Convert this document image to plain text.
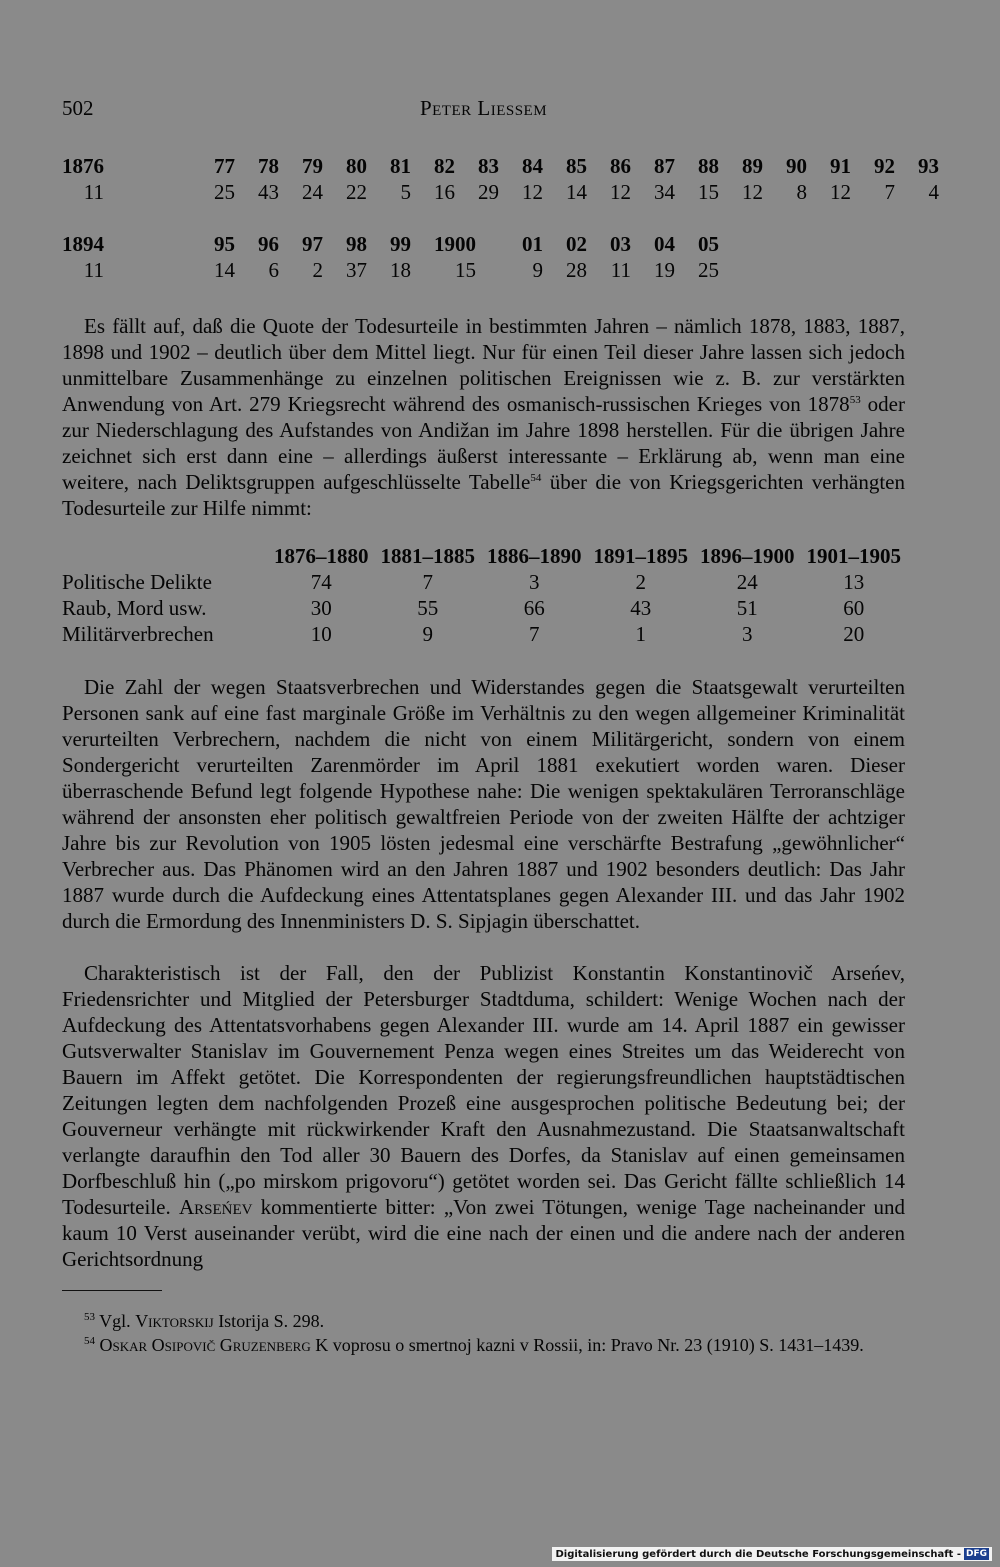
502	Peter Liessem
1876	77	78	79	80	81	82	83	84	85	86	87	88	89	90	91	92	93
11	25	43	24	22	5	16	29	12	14	12	34	15	12	8	12	7	4
1894	95	96	97	98	99	1900	01	02	03	04	05
11	14	6	2	37	18	15	9	28	11	19	25
Es fällt auf, daß die Quote der Todesurteile in bestimmten Jahren – nämlich 1878, 1883, 1887, 1898 und 1902 – deutlich über dem Mittel liegt. Nur für einen Teil dieser Jahre lassen sich jedoch unmittelbare Zusammenhänge zu einzelnen politischen Ereignissen wie z. B. zur verstärkten Anwendung von Art. 279 Kriegsrecht während des osmanisch-russischen Krieges von 1878$^{53}$ oder zur Niederschlagung des Aufstandes von Andižan im Jahre 1898 herstellen. Für die übrigen Jahre zeichnet sich erst dann eine – allerdings äußerst interessante – Erklärung ab, wenn man eine weitere, nach Deliktsgruppen aufgeschlüsselte Tabelle$^{54}$ über die von Kriegsgerichten verhängten Todesurteile zur Hilfe nimmt:
	1876–1880	1881–1885	1886–1890	1891–1895	1896–1900	1901–1905
Politische Delikte	74	7	3	2	24	13
Raub, Mord usw.	30	55	66	43	51	60
Militärverbrechen	10	9	7	1	3	20
Die Zahl der wegen Staatsverbrechen und Widerstandes gegen die Staatsgewalt verurteilten Personen sank auf eine fast marginale Größe im Verhältnis zu den wegen allgemeiner Kriminalität verurteilten Verbrechern, nachdem die nicht von einem Militärgericht, sondern von einem Sondergericht verurteilten Zarenmörder im April 1881 exekutiert worden waren. Dieser überraschende Befund legt folgende Hypothese nahe: Die wenigen spektakulären Terroranschläge während der ansonsten eher politisch gewaltfreien Periode von der zweiten Hälfte der achtziger Jahre bis zur Revolution von 1905 lösten jedesmal eine verschärfte Bestrafung „gewöhnlicher“ Verbrecher aus. Das Phänomen wird an den Jahren 1887 und 1902 besonders deutlich: Das Jahr 1887 wurde durch die Aufdeckung eines Attentatsplanes gegen Alexander III. und das Jahr 1902 durch die Ermordung des Innenministers D. S. Sipjagin überschattet.
Charakteristisch ist der Fall, den der Publizist Konstantin Konstantinovič Arseńev, Friedensrichter und Mitglied der Petersburger Stadtduma, schildert: Wenige Wochen nach der Aufdeckung des Attentatsvorhabens gegen Alexander III. wurde am 14. April 1887 ein gewisser Gutsverwalter Stanislav im Gouvernement Penza wegen eines Streites um das Weiderecht von Bauern im Affekt getötet. Die Korrespondenten der regierungsfreundlichen hauptstädtischen Zeitungen legten dem nachfolgenden Prozeß eine ausgesprochen politische Bedeutung bei; der Gouverneur verhängte mit rückwirkender Kraft den Ausnahmezustand. Die Staatsanwaltschaft verlangte daraufhin den Tod aller 30 Bauern des Dorfes, da Stanislav auf einen gemeinsamen Dorfbeschluß hin („po mirskom prigovoru“) getötet worden sei. Das Gericht fällte schließlich 14 Todesurteile. Arseńev kommentierte bitter: „Von zwei Tötungen, wenige Tage nacheinander und kaum 10 Verst auseinander verübt, wird die eine nach der einen und die andere nach der anderen Gerichtsordnung
$^{53}$ Vgl. Viktorskij Istorija S. 298.
$^{54}$ Oskar Osipovič Gruzenberg K voprosu o smertnoj kazni v Rossii, in: Pravo Nr. 23 (1910) S. 1431–1439.
Digitalisierung gefördert durch die Deutsche Forschungsgemeinschaft - DFG
